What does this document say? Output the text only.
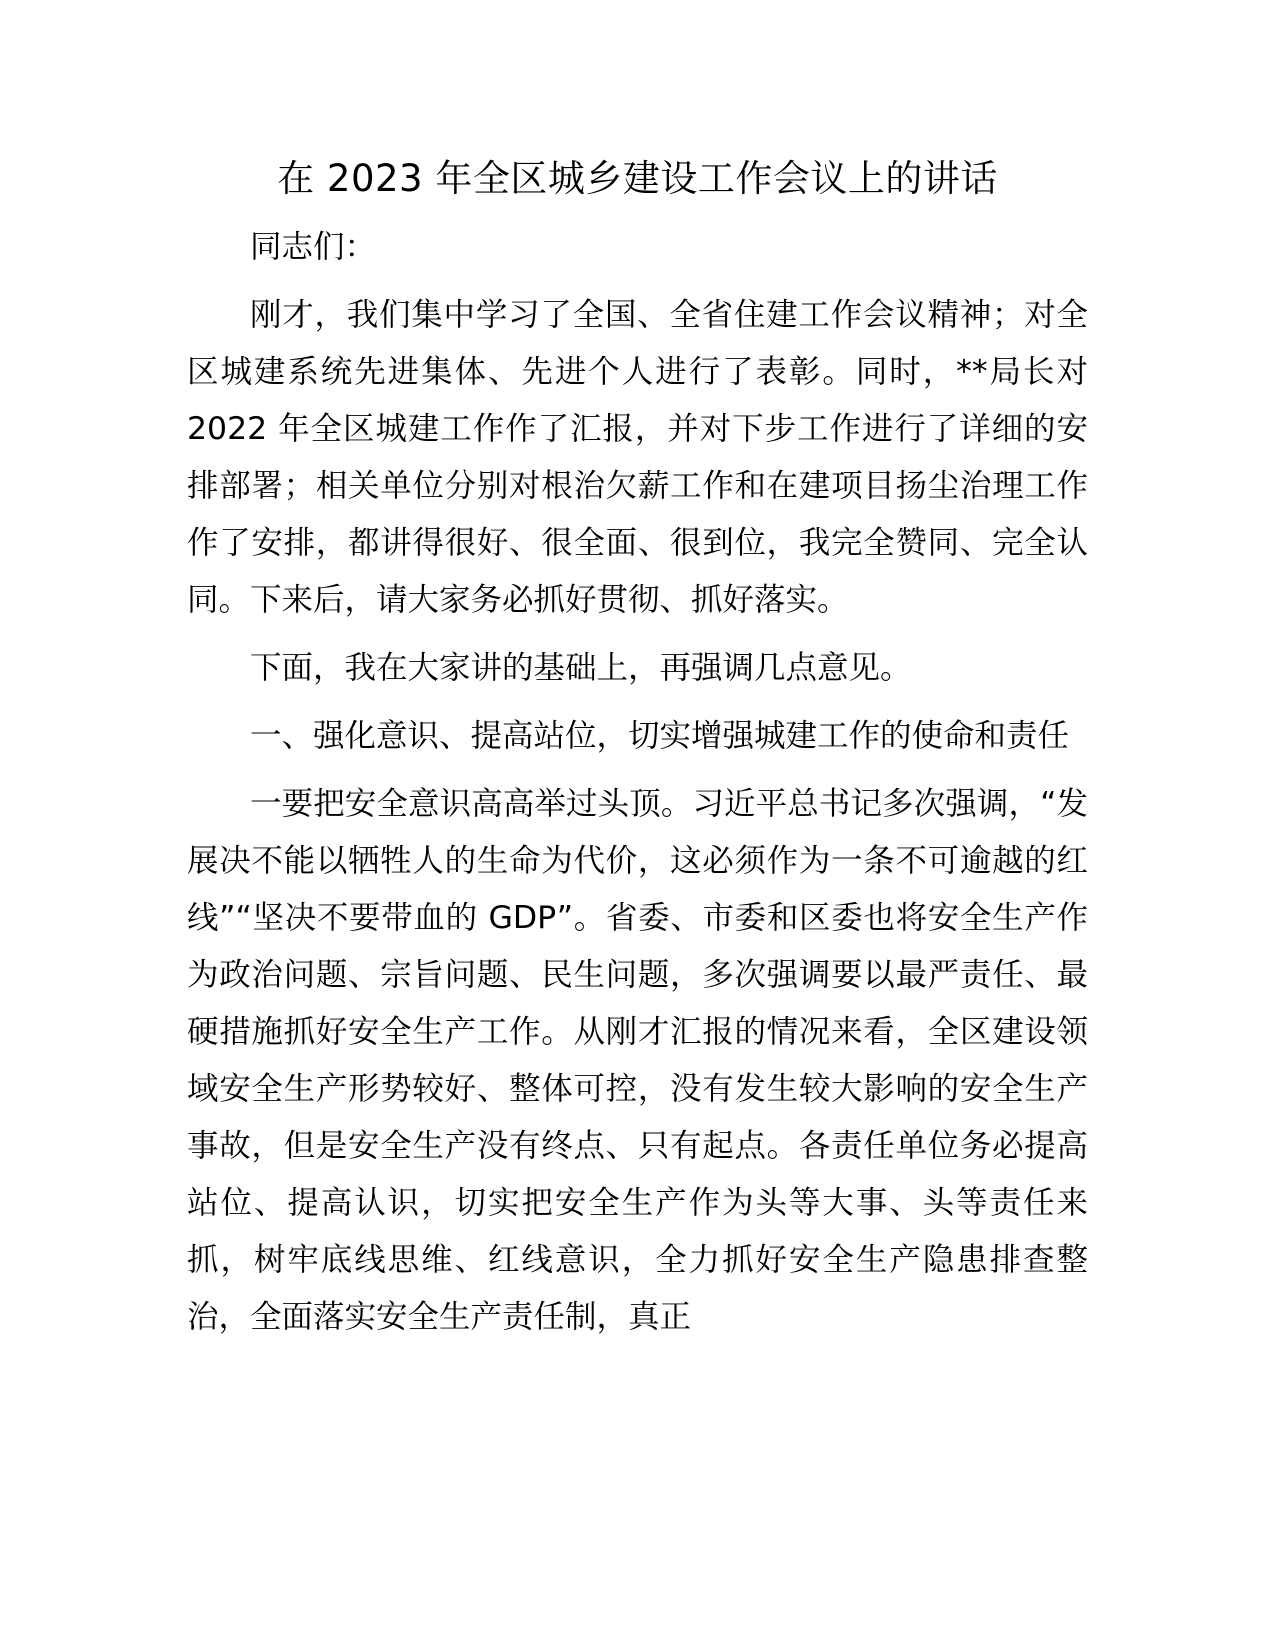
在 2023 年全区城乡建设工作会议上的讲话

同志们：

刚才，我们集中学习了全国、全省住建工作会议精神；对全区城建系统先进集体、先进个人进行了表彰。同时，**局长对 2022 年全区城建工作作了汇报，并对下步工作进行了详细的安排部署；相关单位分别对根治欠薪工作和在建项目扬尘治理工作作了安排，都讲得很好、很全面、很到位，我完全赞同、完全认同。下来后，请大家务必抓好贯彻、抓好落实。

下面，我在大家讲的基础上，再强调几点意见。

一、强化意识、提高站位，切实增强城建工作的使命和责任

一要把安全意识高高举过头顶。习近平总书记多次强调，“发展决不能以牺牲人的生命为代价，这必须作为一条不可逾越的红线”“坚决不要带血的 GDP”。省委、市委和区委也将安全生产作为政治问题、宗旨问题、民生问题，多次强调要以最严责任、最硬措施抓好安全生产工作。从刚才汇报的情况来看，全区建设领域安全生产形势较好、整体可控，没有发生较大影响的安全生产事故，但是安全生产没有终点、只有起点。各责任单位务必提高站位、提高认识，切实把安全生产作为头等大事、头等责任来抓，树牢底线思维、红线意识，全力抓好安全生产隐患排查整治，全面落实安全生产责任制，真正
